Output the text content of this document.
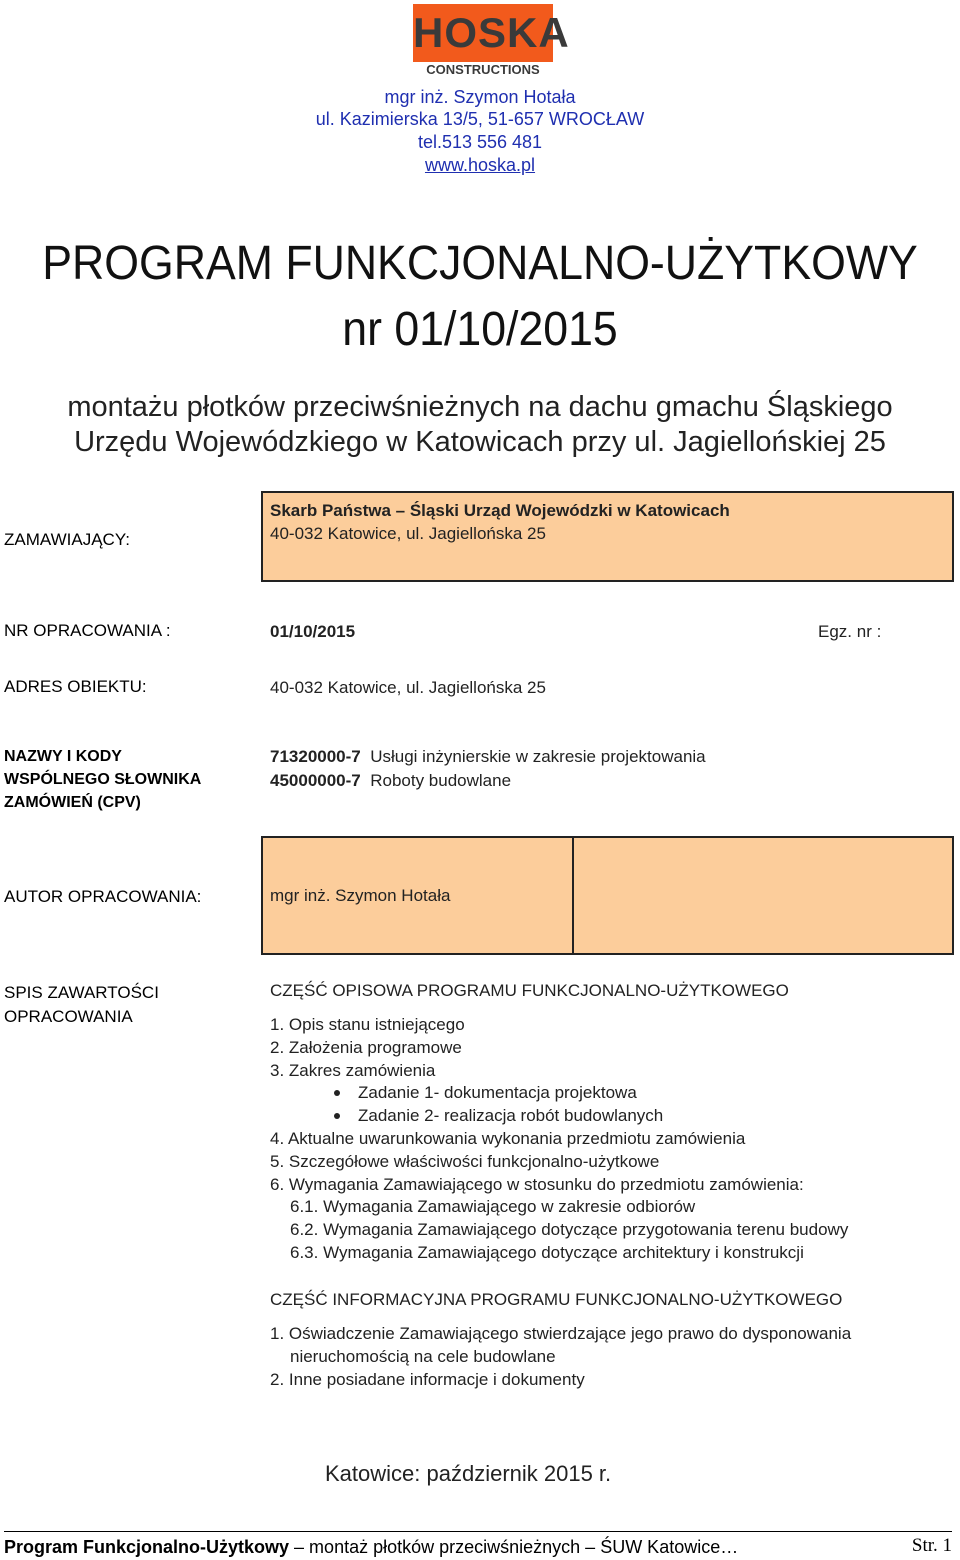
HOSKA
CONSTRUCTIONS
mgr inż. Szymon Hotała
ul. Kazimierska 13/5, 51-657 WROCŁAW
tel.513 556 481
www.hoska.pl
PROGRAM FUNKCJONALNO-UŻYTKOWY
nr 01/10/2015
montażu płotków przeciwśnieżnych na dachu gmachu Śląskiego
Urzędu Wojewódzkiego w Katowicach przy ul. Jagiellońskiej 25
ZAMAWIAJĄCY:
Skarb Państwa – Śląski Urząd Wojewódzki w Katowicach
40-032 Katowice, ul. Jagiellońska 25
NR OPRACOWANIA :	01/10/2015	Egz. nr :
ADRES OBIEKTU:	40-032 Katowice, ul. Jagiellońska 25
NAZWY I KODY
WSPÓLNEGO SŁOWNIKA
ZAMÓWIEŃ (CPV)
71320000-7 Usługi inżynierskie w zakresie projektowania
45000000-7 Roboty budowlane
AUTOR OPRACOWANIA:	mgr inż. Szymon Hotała
SPIS ZAWARTOŚCI
OPRACOWANIA
CZĘŚĆ OPISOWA PROGRAMU FUNKCJONALNO-UŻYTKOWEGO
1. Opis stanu istniejącego
2. Założenia programowe
3. Zakres zamówienia
Zadanie 1- dokumentacja projektowa
Zadanie 2- realizacja robót budowlanych
4. Aktualne uwarunkowania wykonania przedmiotu zamówienia
5. Szczegółowe właściwości funkcjonalno-użytkowe
6. Wymagania Zamawiającego w stosunku do przedmiotu zamówienia:
6.1. Wymagania Zamawiającego w zakresie odbiorów
6.2. Wymagania Zamawiającego dotyczące przygotowania terenu budowy
6.3. Wymagania Zamawiającego dotyczące architektury i konstrukcji
CZĘŚĆ INFORMACYJNA PROGRAMU FUNKCJONALNO-UŻYTKOWEGO
1. Oświadczenie Zamawiającego stwierdzające jego prawo do dysponowania
nieruchomością na cele budowlane
2. Inne posiadane informacje i dokumenty
Katowice: październik 2015 r.
Program Funkcjonalno-Użytkowy – montaż płotków przeciwśnieżnych – ŚUW Katowice…	Str. 1
